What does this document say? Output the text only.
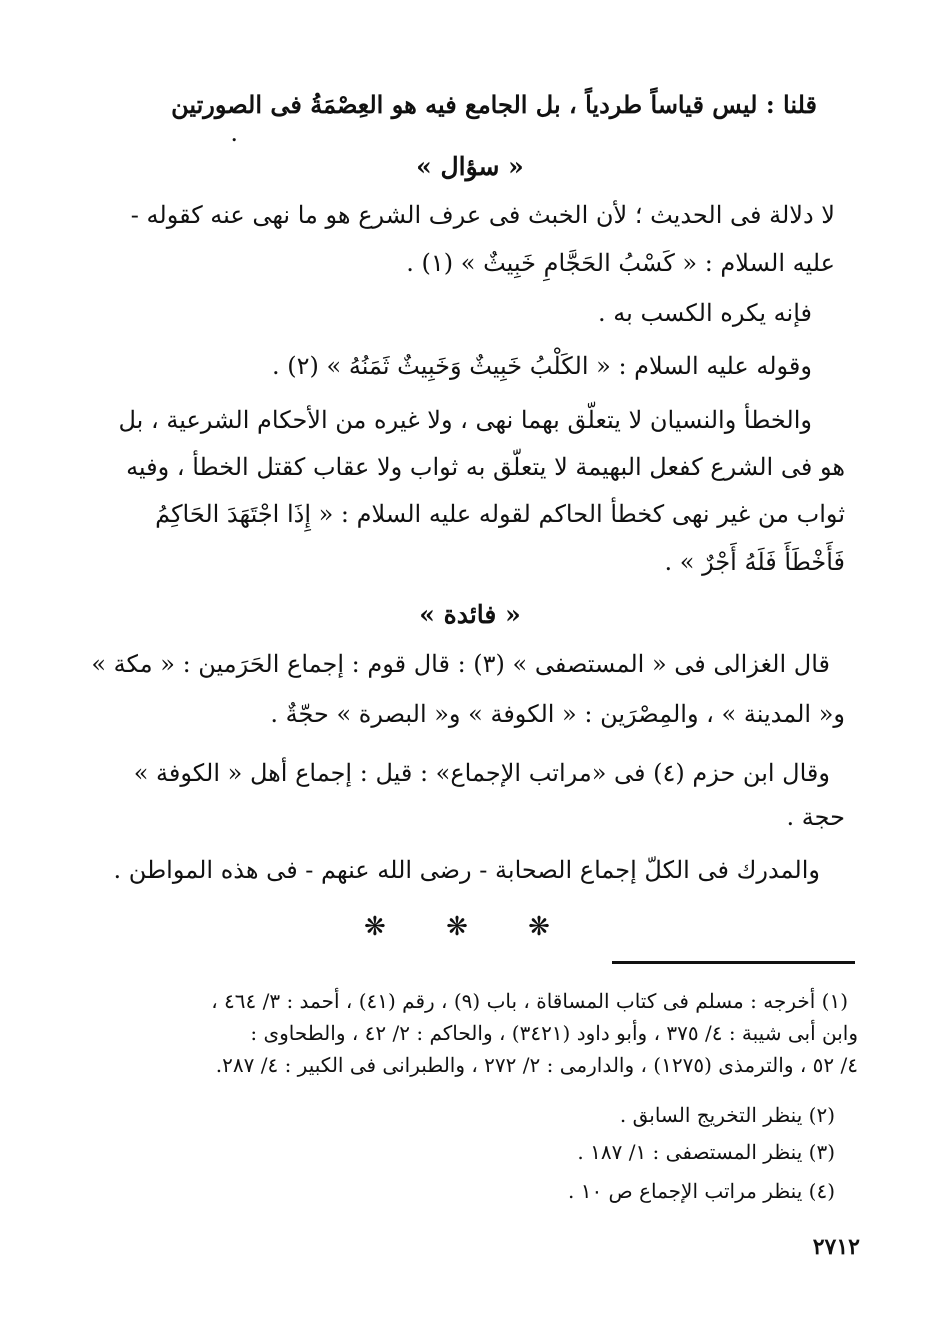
قلنا : ليس قياساً طردياً ، بل الجامع فيه هو العِصْمَةُ فى الصورتين
.
« سؤال »
لا دلالة فى الحديث ؛ لأن الخبث فى عرف الشرع هو ما نهى عنه كقوله -
عليه السلام : « كَسْبُ الحَجَّامِ خَبِيثٌ » (١) .
فإنه يكره الكسب به .
وقوله عليه السلام : « الكَلْبُ خَبِيثٌ وَخَبِيثٌ ثَمَنُهُ » (٢) .
والخطأ والنسيان لا يتعلّق بهما نهى ، ولا غيره من الأحكام الشرعية ، بل
هو فى الشرع كفعل البهيمة لا يتعلّق به ثواب ولا عقاب كقتل الخطأ ، وفيه
ثواب من غير نهى كخطأ الحاكم لقوله عليه السلام : « إِذَا اجْتَهَدَ الحَاكِمُ
فَأَخْطَأَ فَلَهُ أَجْرٌ » .
« فائدة »
قال الغزالى فى « المستصفى » (٣) : قال قوم : إجماع الحَرَمين : « مكة »
و« المدينة » ، والمِصْرَين : « الكوفة » و« البصرة » حجّةٌ .
وقال ابن حزم (٤) فى «مراتب الإجماع» : قيل : إجماع أهل « الكوفة »
حجة .
والمدرك فى الكلّ إجماع الصحابة - رضى الله عنهم - فى هذه المواطن .
❋ ❋ ❋
(١) أخرجه : مسلم فى كتاب المساقاة ، باب (٩) ، رقم (٤١) ، أحمد : ٣/ ٤٦٤ ،
وابن أبى شيبة : ٤/ ٣٧٥ ، وأبو داود (٣٤٢١) ، والحاكم : ٢/ ٤٢ ، والطحاوى :
٤/ ٥٢ ، والترمذى (١٢٧٥) ، والدارمى : ٢/ ٢٧٢ ، والطبرانى فى الكبير : ٤/ ٢٨٧.
(٢) ينظر التخريج السابق .
(٣) ينظر المستصفى : ١/ ١٨٧ .
(٤) ينظر مراتب الإجماع ص ١٠ .
٢٧١٢
